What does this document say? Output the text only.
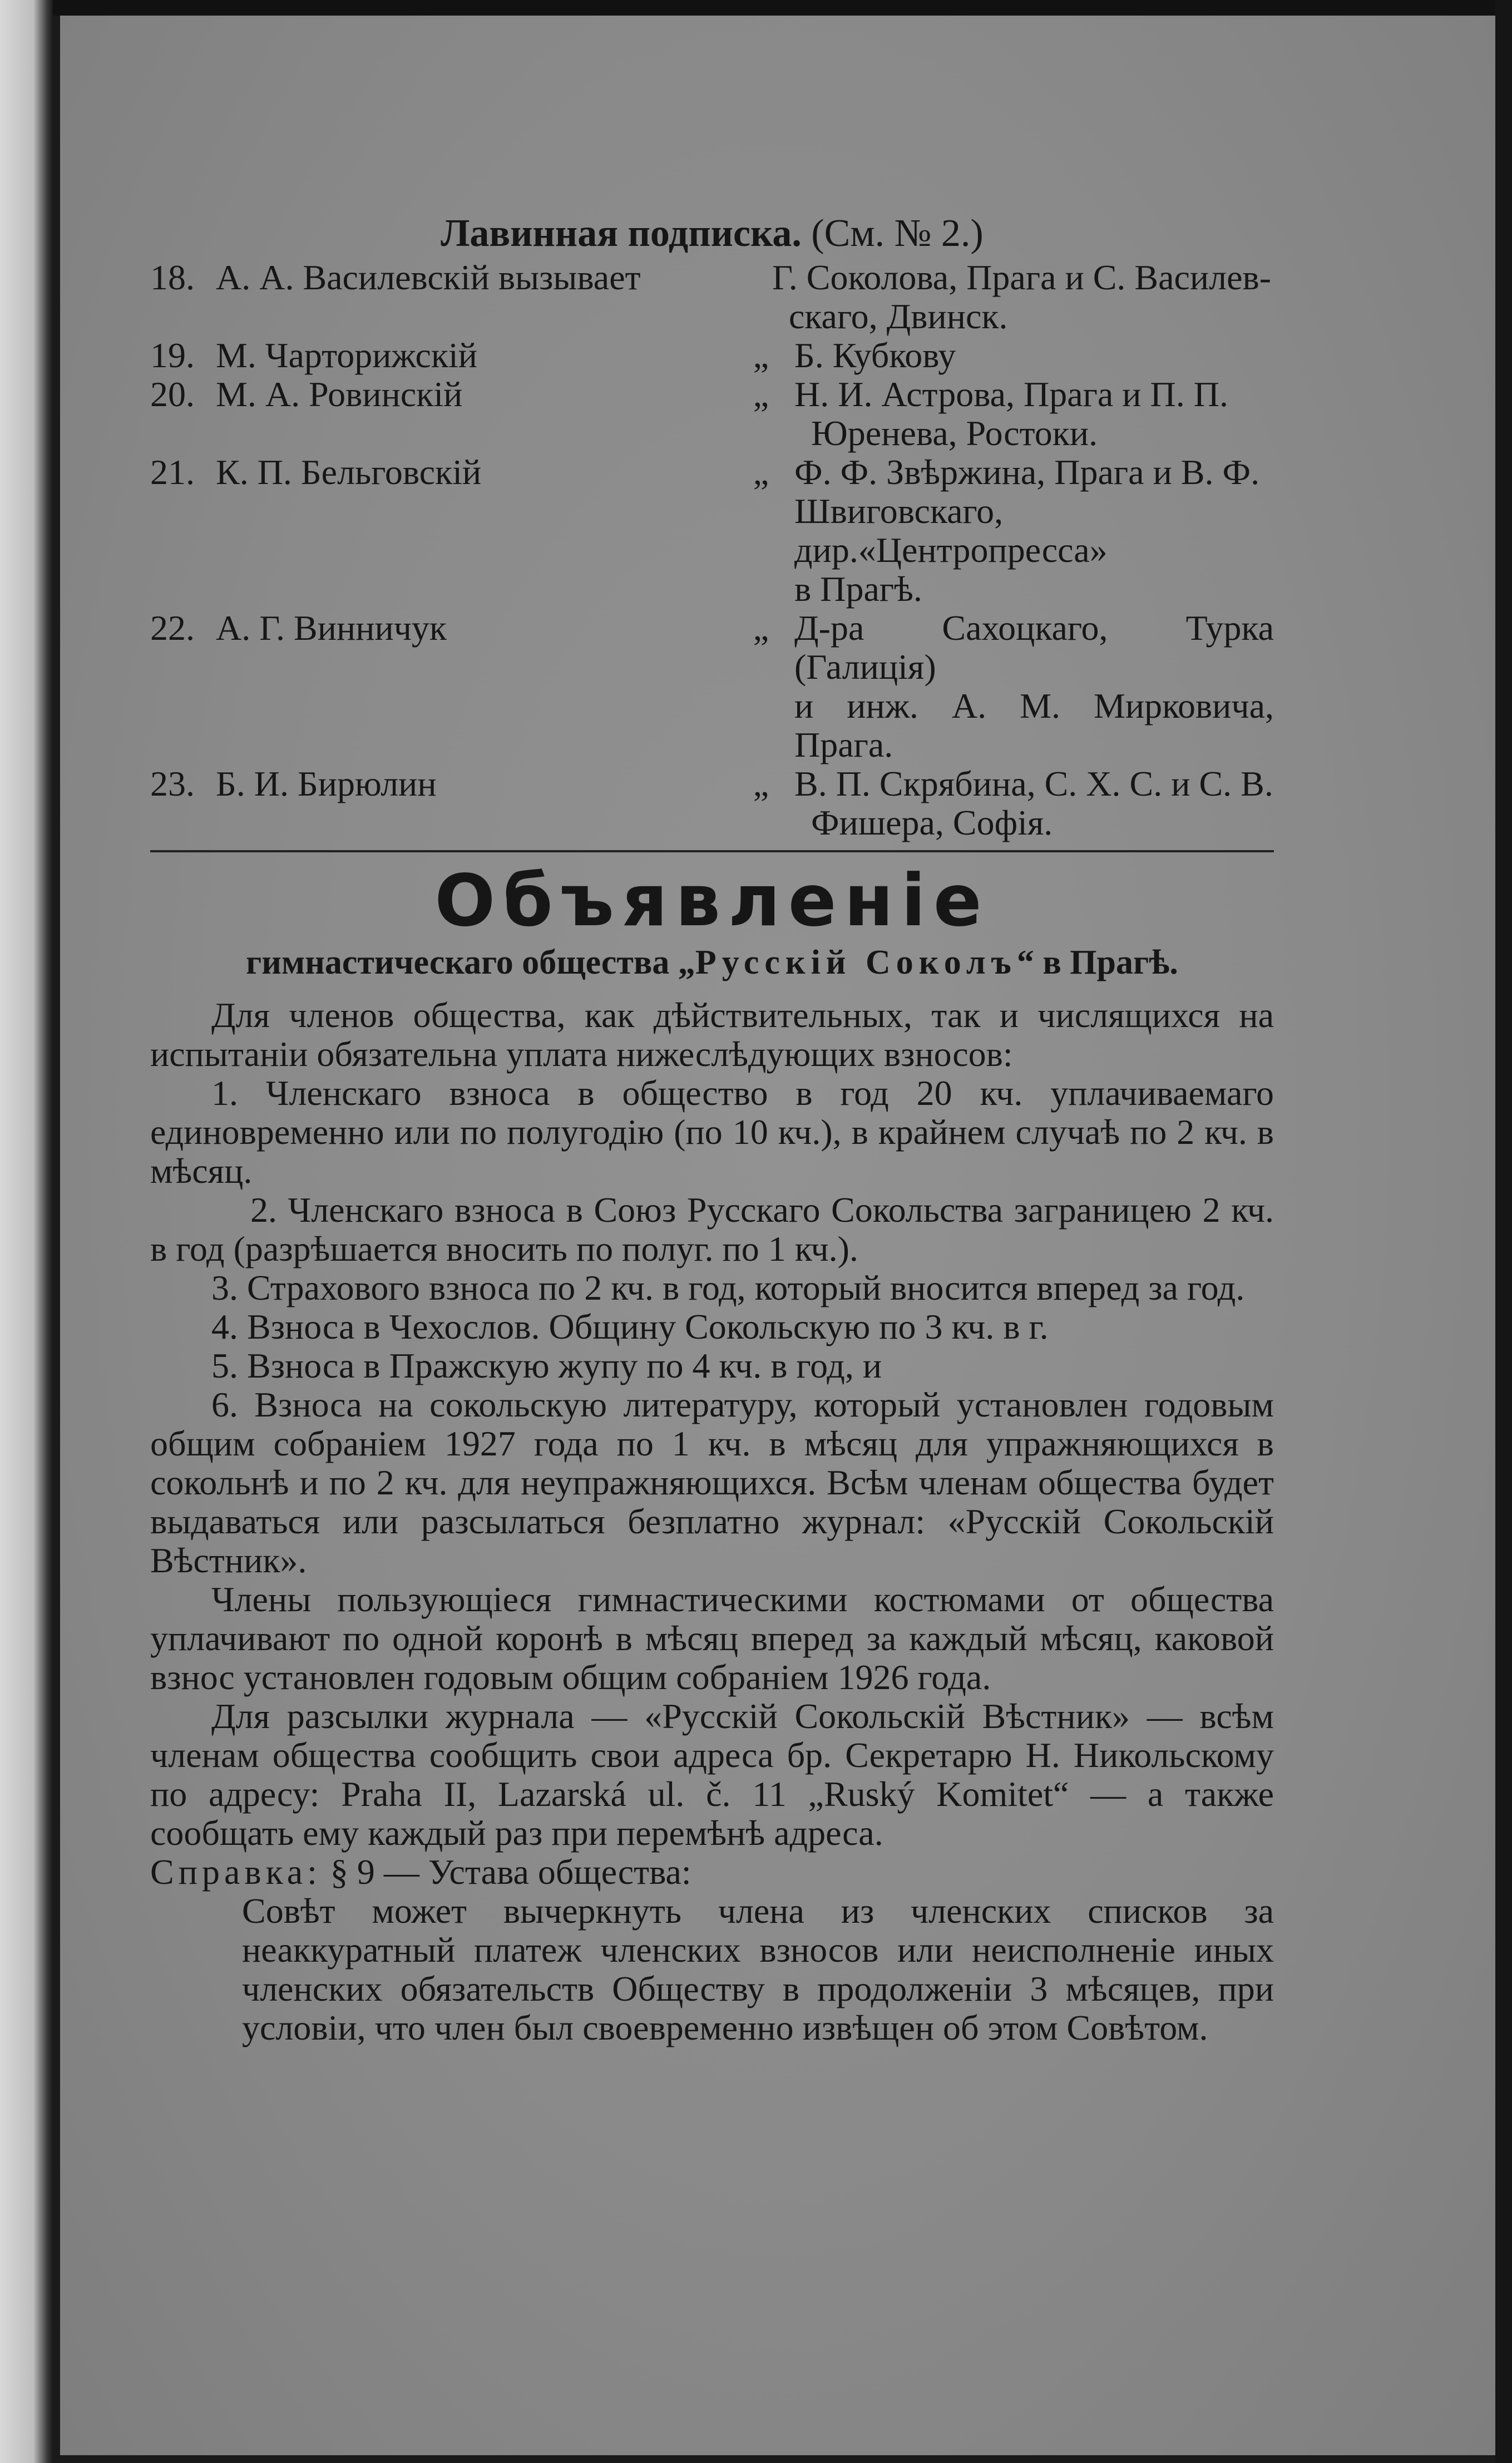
Лавинная подписка. (См. № 2.)
18. А. А. Василевскій вызывает	Г. Соколова, Прага и С. Василев-
скаго, Двинск.
19. М. Чарторижскій	„ Б. Кубкову
20. М. А. Ровинскій	„ Н. И. Астрова, Прага и П. П.
Юренева, Ростоки.
21. К. П. Бельговскій	„ Ф. Ф. Звѣржина, Прага и В. Ф.
Швиговскаго, дир.«Центропресса»
в Прагѣ.
22. А. Г. Винничук	„ Д-ра Сахоцкаго, Турка (Галиція)
и инж. А. М. Мирковича, Прага.
23. Б. И. Бирюлин	„ В. П. Скрябина, С. Х. С. и С. В.
Фишера, Софія.
Объявленіе
гимнастическаго общества „Русскій Соколъ“ в Прагѣ.

Для членов общества, как дѣйствительных, так и числящихся на испытаніи обязательна уплата нижеслѣдующих взносов:

1. Членскаго взноса в общество в год 20 кч. уплачиваемаго единовременно или по полугодію (по 10 кч.), в крайнем случаѣ по 2 кч. в мѣсяц.

2. Членскаго взноса в Союз Русскаго Сокольства заграницею 2 кч. в год (разрѣшается вносить по полуг. по 1 кч.).

3. Страхового взноса по 2 кч. в год, который вносится вперед за год.

4. Взноса в Чехослов. Общину Сокольскую по 3 кч. в г.

5. Взноса в Пражскую жупу по 4 кч. в год, и

6. Взноса на сокольскую литературу, который установлен годовым общим собраніем 1927 года по 1 кч. в мѣсяц для упражняющихся в сокольнѣ и по 2 кч. для неупражняющихся. Всѣм членам общества будет выдаваться или разсылаться безплатно журнал: «Русскій Сокольскій Вѣстник».

Члены пользующіеся гимнастическими костюмами от общества уплачивают по одной коронѣ в мѣсяц вперед за каждый мѣсяц, каковой взнос установлен годовым общим собраніем 1926 года.

Для разсылки журнала — «Русскій Сокольскій Вѣстник» — всѣм членам общества сообщить свои адреса бр. Секретарю Н. Никольскому по адресу: Praha II, Lazarská ul. č. 11 „Ruský Komitet“ — а также сообщать ему каждый раз при перемѣнѣ адреса.

Справка: § 9 — Устава общества:

Совѣт может вычеркнуть члена из членских списков за неаккуратный платеж членских взносов или неисполненіе иных членских обязательств Обществу в продолженіи 3 мѣсяцев, при условіи, что член был своевременно извѣщен об этом Совѣтом.
